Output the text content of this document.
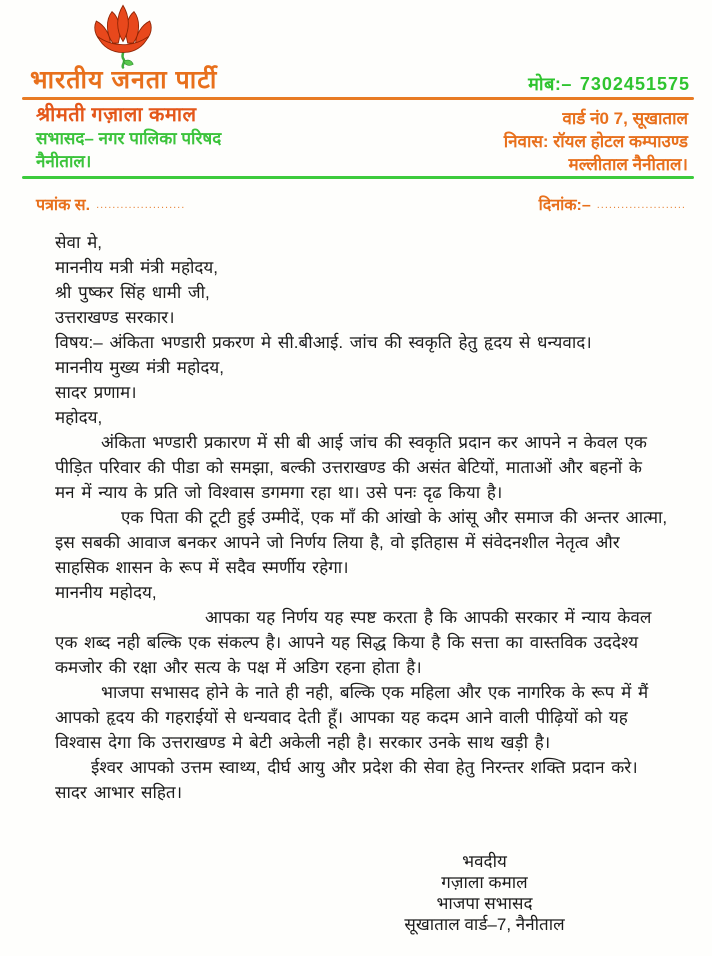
भारतीय जनता पार्टी	मोब:– 7302451575
श्रीमती गज़ाला कमाल
सभासद– नगर पालिका परिषद
नैनीताल।
वार्ड नं0 7, सूखाताल
निवास: रॉयल होटल कम्पाउण्ड
मल्लीताल नैनीताल।
पत्रांक स. ......................	दिनांक:– ......................

सेवा मे,

माननीय मत्री मंत्री महोदय,

श्री पुष्कर सिंह धामी जी,

उत्तराखण्ड सरकार।

विषय:– अंकिता भण्डारी प्रकरण मे सी.बीआई. जांच की स्वकृति हेतु हृदय से धन्यवाद।

माननीय मुख्य मंत्री महोदय,

सादर प्रणाम।

महोदय,

अंकिता भण्डारी प्रकारण में सी बी आई जांच की स्वकृति प्रदान कर आपने न केवल एक पीड़ित परिवार की पीडा को समझा, बल्की उत्तराखण्ड की असंत बेटियों, माताओं और बहनों के मन में न्याय के प्रति जो विश्वास डगमगा रहा था। उसे पनः दृढ किया है।

एक पिता की टूटी हुई उम्मीदें, एक माँ की आंखो के आंसू और समाज की अन्तर आत्मा, इस सबकी आवाज बनकर आपने जो निर्णय लिया है, वो इतिहास में संवेदनशील नेतृत्व और साहसिक शासन के रूप में सदैव स्मर्णीय रहेगा।

माननीय महोदय,

आपका यह निर्णय यह स्पष्ट करता है कि आपकी सरकार में न्याय केवल एक शब्द नही बल्कि एक संकल्प है। आपने यह सिद्ध किया है कि सत्ता का वास्तविक उददेश्य कमजोर की रक्षा और सत्य के पक्ष में अडिग रहना होता है।

भाजपा सभासद होने के नाते ही नही, बल्कि एक महिला और एक नागरिक के रूप में मैं आपको हृदय की गहराईयों से धन्यवाद देती हूँ। आपका यह कदम आने वाली पीढ़ियों को यह विश्वास देगा कि उत्तराखण्ड मे बेटी अकेली नही है। सरकार उनके साथ खड़ी है।

ईश्वर आपको उत्तम स्वाथ्य, दीर्घ आयु और प्रदेश की सेवा हेतु निरन्तर शक्ति प्रदान करे।

सादर आभार सहित।

भवदीय
गज़ाला कमाल
भाजपा सभासद
सूखाताल वार्ड–7, नैनीताल
